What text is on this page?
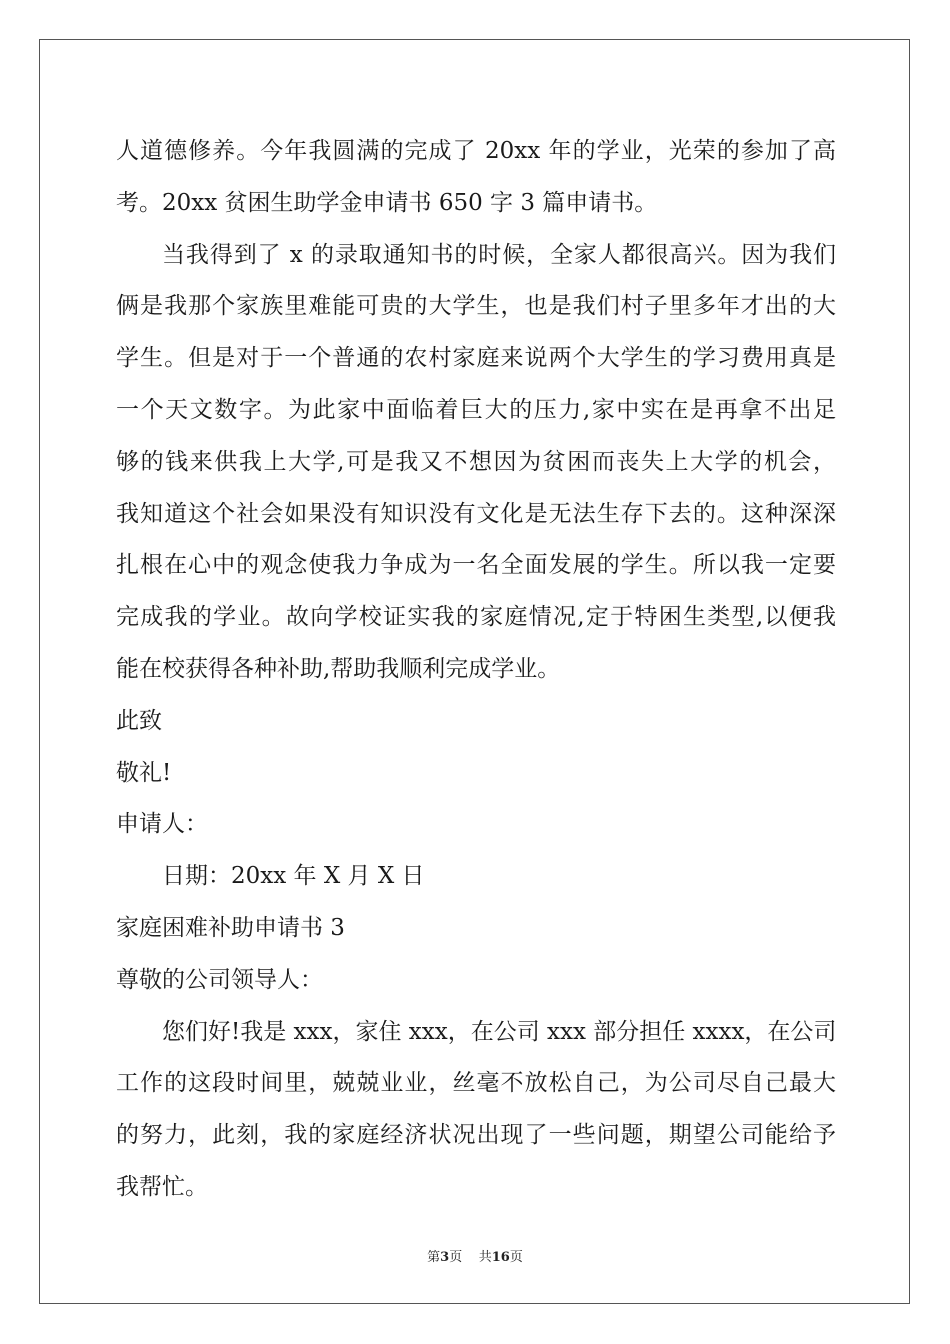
人道德修养。今年我圆满的完成了 20xx 年的学业，光荣的参加了高
考。20xx 贫困生助学金申请书 650 字 3 篇申请书。
当我得到了 x 的录取通知书的时候，全家人都很高兴。因为我们
俩是我那个家族里难能可贵的大学生，也是我们村子里多年才出的大
学生。但是对于一个普通的农村家庭来说两个大学生的学习费用真是
一个天文数字。为此家中面临着巨大的压力,家中实在是再拿不出足
够的钱来供我上大学,可是我又不想因为贫困而丧失上大学的机会，
我知道这个社会如果没有知识没有文化是无法生存下去的。这种深深
扎根在心中的观念使我力争成为一名全面发展的学生。所以我一定要
完成我的学业。故向学校证实我的家庭情况,定于特困生类型,以便我
能在校获得各种补助,帮助我顺利完成学业。
此致
敬礼!
申请人：
日期：20xx 年 X 月 X 日
家庭困难补助申请书 3
尊敬的公司领导人：
您们好!我是 xxx，家住 xxx，在公司 xxx 部分担任 xxxx，在公司
工作的这段时间里，兢兢业业，丝毫不放松自己，为公司尽自己最大
的努力，此刻，我的家庭经济状况出现了一些问题，期望公司能给予
我帮忙。
第3页 共16页
